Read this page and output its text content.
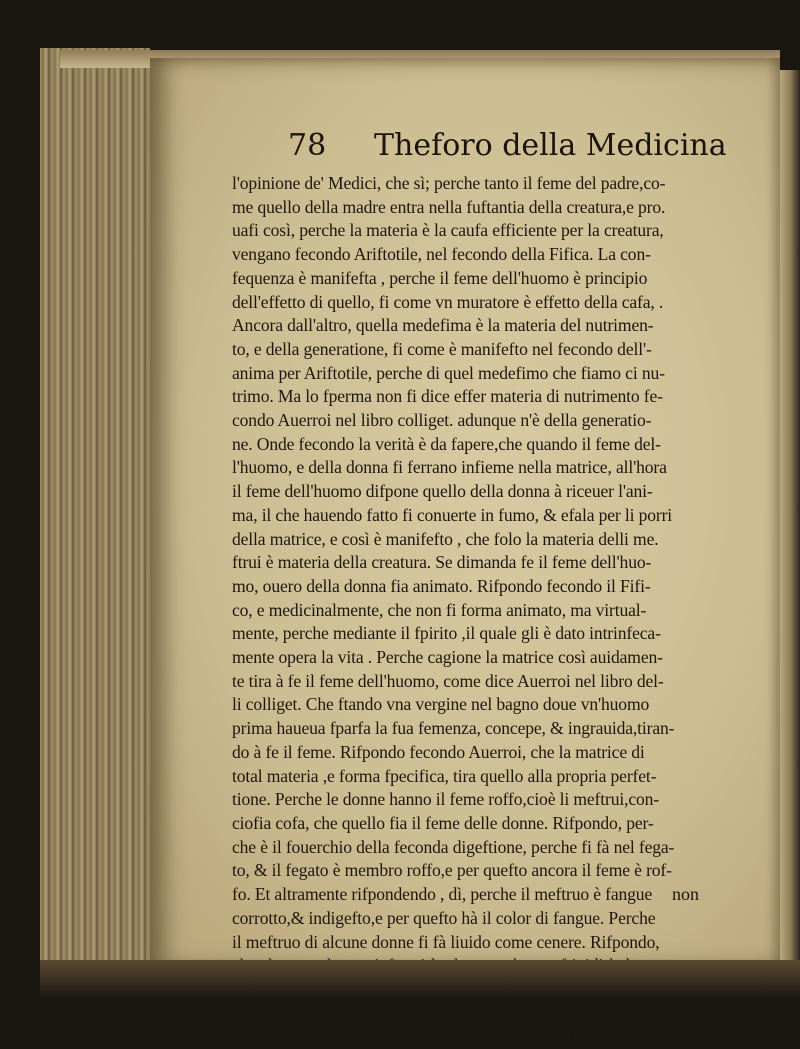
78 Theforo della Medicina
l'opinione de' Medici, che sì; perche tanto il feme del padre,co-
me quello della madre entra nella fuftantia della creatura,e pro.
uafi così, perche la materia è la caufa efficiente per la creatura,
vengano fecondo Ariftotile, nel fecondo della Fifica. La con-
fequenza è manifefta , perche il feme dell'huomo è principio
dell'effetto di quello, fi come vn muratore è effetto della cafa, .
Ancora dall'altro, quella medefima è la materia del nutrimen-
to, e della generatione, fi come è manifefto nel fecondo dell'-
anima per Ariftotile, perche di quel medefimo che fiamo ci nu-
trimo. Ma lo fperma non fi dice effer materia di nutrimento fe-
condo Auerroi nel libro colliget. adunque n'è della generatio-
ne. Onde fecondo la verità è da fapere,che quando il feme del-
l'huomo, e della donna fi ferrano infieme nella matrice, all'hora
il feme dell'huomo difpone quello della donna à riceuer l'ani-
ma, il che hauendo fatto fi conuerte in fumo, & efala per li porri
della matrice, e così è manifefto , che folo la materia delli me.
ftrui è materia della creatura. Se dimanda fe il feme dell'huo-
mo, ouero della donna fia animato. Rifpondo fecondo il Fifi-
co, e medicinalmente, che non fi forma animato, ma virtual-
mente, perche mediante il fpirito ,il quale gli è dato intrinfeca-
mente opera la vita . Perche cagione la matrice così auidamen-
te tira à fe il feme dell'huomo, come dice Auerroi nel libro del-
li colliget. Che ftando vna vergine nel bagno doue vn'huomo
prima haueua fparfa la fua femenza, concepe, & ingrauida,tiran-
do à fe il feme. Rifpondo fecondo Auerroi, che la matrice di
total materia ,e forma fpecifica, tira quello alla propria perfet-
tione. Perche le donne hanno il feme roffo,cioè li meftrui,con-
ciofia cofa, che quello fia il feme delle donne. Rifpondo, per-
che è il fouerchio della feconda digeftione, perche fi fà nel fega-
to, & il fegato è membro roffo,e per quefto ancora il feme è rof-
fo. Et altramente rifpondendo , dì, perche il meftruo è fangue
corrotto,& indigefto,e per quefto hà il color di fangue. Perche
il meftruo di alcune donne fi fà liuido come cenere. Rifpondo,
lofofi, perche fono frigide le donne à rifpetto dell'huomo,e così
non
